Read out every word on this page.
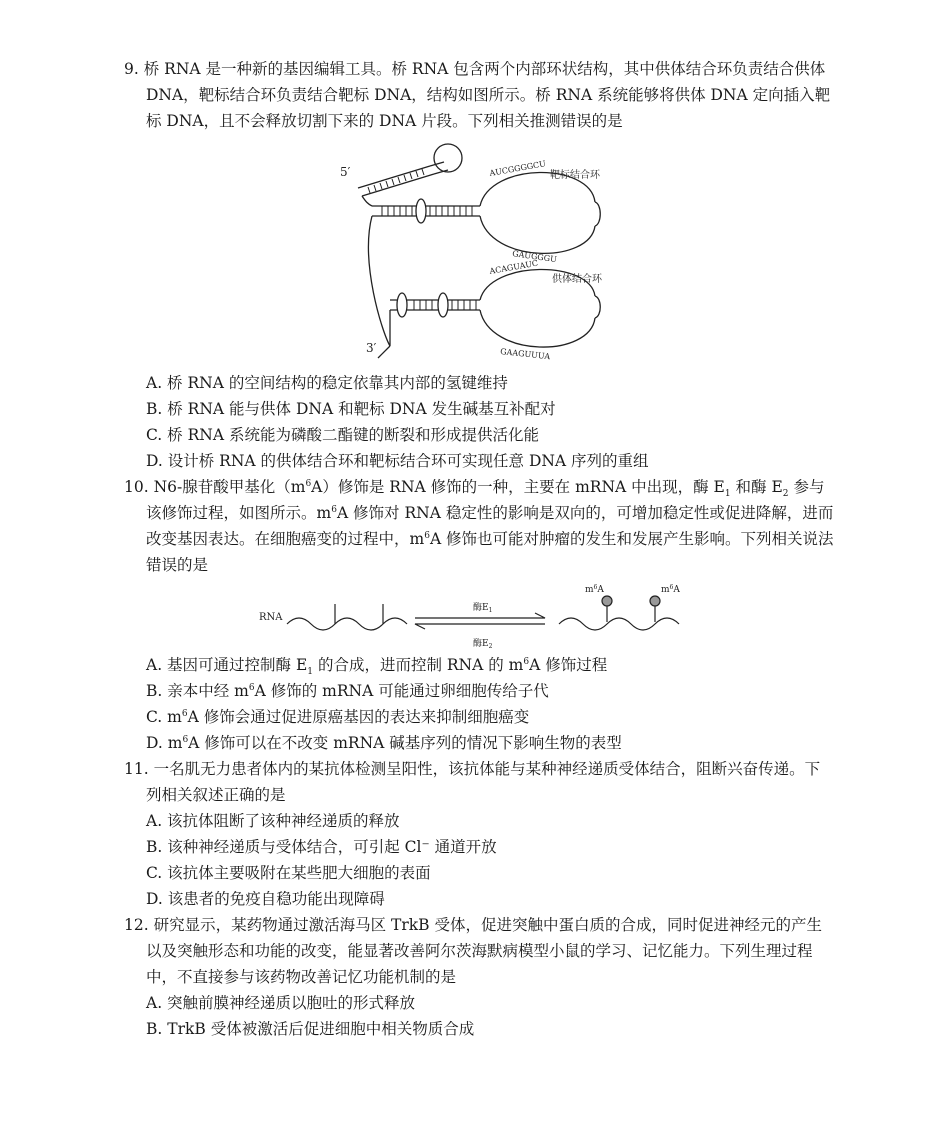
9. 桥 RNA 是一种新的基因编辑工具。桥 RNA 包含两个内部环状结构，其中供体结合环负责结合供体 DNA，靶标结合环负责结合靶标 DNA，结构如图所示。桥 RNA 系统能够将供体 DNA 定向插入靶标 DNA，且不会释放切割下来的 DNA 片段。下列相关推测错误的是

5′
3′
AUCGGGGCU
GAUGGGU
靶标结合环
ACAGUAUC
GAAGUUUA
供体结合环

A. 桥 RNA 的空间结构的稳定依靠其内部的氢键维持

B. 桥 RNA 能与供体 DNA 和靶标 DNA 发生碱基互补配对

C. 桥 RNA 系统能为磷酸二酯键的断裂和形成提供活化能

D. 设计桥 RNA 的供体结合环和靶标结合环可实现任意 DNA 序列的重组

10. N6-腺苷酸甲基化$(m^6A)$修饰是 RNA 修饰的一种，主要在 mRNA 中出现，酶 $E_1$ 和酶 $E_2$ 参与该修饰过程，如图所示。$m^6A$ 修饰对 RNA 稳定性的影响是双向的，可增加稳定性或促进降解，进而改变基因表达。在细胞癌变的过程中，$m^6A$ 修饰也可能对肿瘤的发生和发展产生影响。下列相关说法错误的是

RNA
酶$E_1$
酶$E_2$
$m^6A$	$m^6A$

A. 基因可通过控制酶 $E_1$ 的合成，进而控制 RNA 的 $m^6A$ 修饰过程

B. 亲本中经 $m^6A$ 修饰的 mRNA 可能通过卵细胞传给子代

C. $m^6A$ 修饰会通过促进原癌基因的表达来抑制细胞癌变

D. $m^6A$ 修饰可以在不改变 mRNA 碱基序列的情况下影响生物的表型

11. 一名肌无力患者体内的某抗体检测呈阳性，该抗体能与某种神经递质受体结合，阻断兴奋传递。下列相关叙述正确的是

A. 该抗体阻断了该种神经递质的释放

B. 该种神经递质与受体结合，可引起 Cl⁻ 通道开放

C. 该抗体主要吸附在某些肥大细胞的表面

D. 该患者的免疫自稳功能出现障碍

12. 研究显示，某药物通过激活海马区 TrkB 受体，促进突触中蛋白质的合成，同时促进神经元的产生以及突触形态和功能的改变，能显著改善阿尔茨海默病模型小鼠的学习、记忆能力。下列生理过程中，不直接参与该药物改善记忆功能机制的是

A. 突触前膜神经递质以胞吐的形式释放

B. TrkB 受体被激活后促进细胞中相关物质合成
